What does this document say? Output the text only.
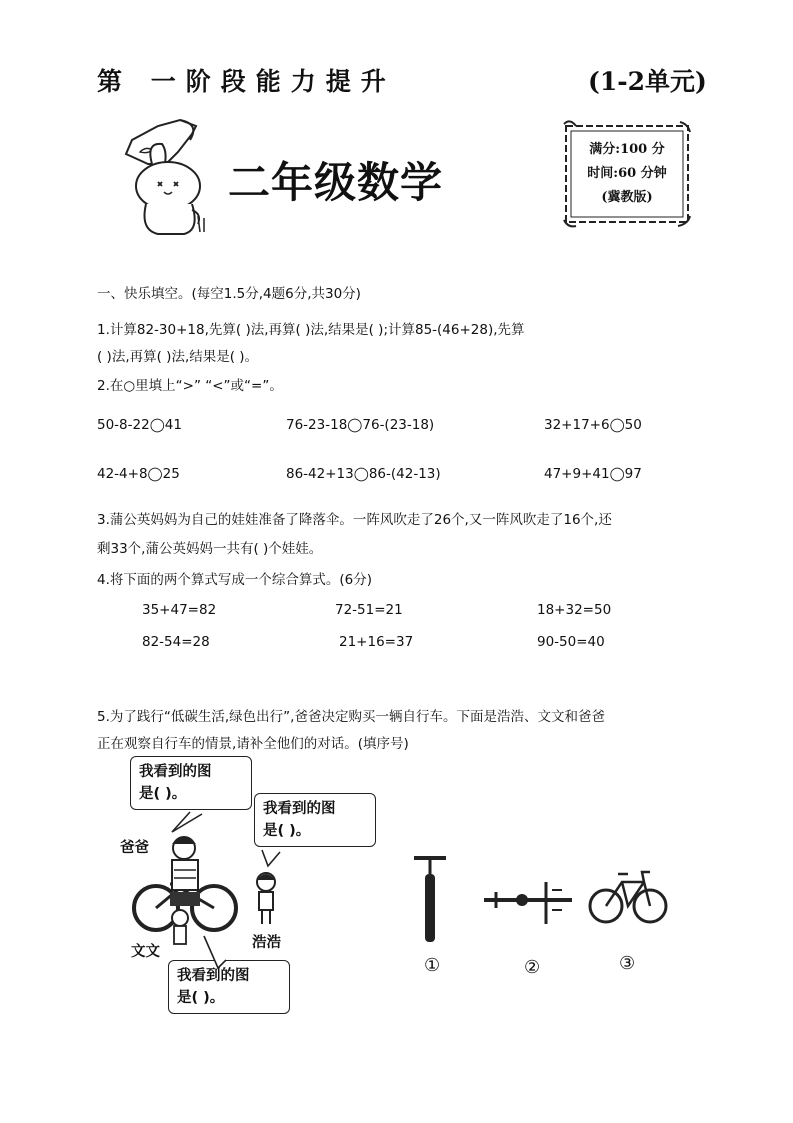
第 一阶段能力提升	(1-2单元)
二年级数学
满分:100 分
时间:60 分钟
(冀教版)
一、快乐填空。(每空1.5分,4题6分,共30分)
1.计算82-30+18,先算( )法,再算( )法,结果是( );计算85-(46+28),先算
( )法,再算( )法,结果是( )。
2.在○里填上“>” “<”或“=”。
50-8-22◯41	76-23-18◯76-(23-18)	32+17+6◯50
42-4+8◯25	86-42+13◯86-(42-13)	47+9+41◯97
3.蒲公英妈妈为自己的娃娃准备了降落伞。一阵风吹走了26个,又一阵风吹走了16个,还
剩33个,蒲公英妈妈一共有( )个娃娃。
4.将下面的两个算式写成一个综合算式。(6分)
35+47=82	72-51=21	18+32=50
82-54=28	21+16=37	90-50=40
5.为了践行“低碳生活,绿色出行”,爸爸决定购买一辆自行车。下面是浩浩、文文和爸爸
正在观察自行车的情景,请补全他们的对话。(填序号)
我看到的图
是( )。
我看到的图
是( )。
我看到的图
是( )。
爸爸
文文
浩浩
①	②	③
